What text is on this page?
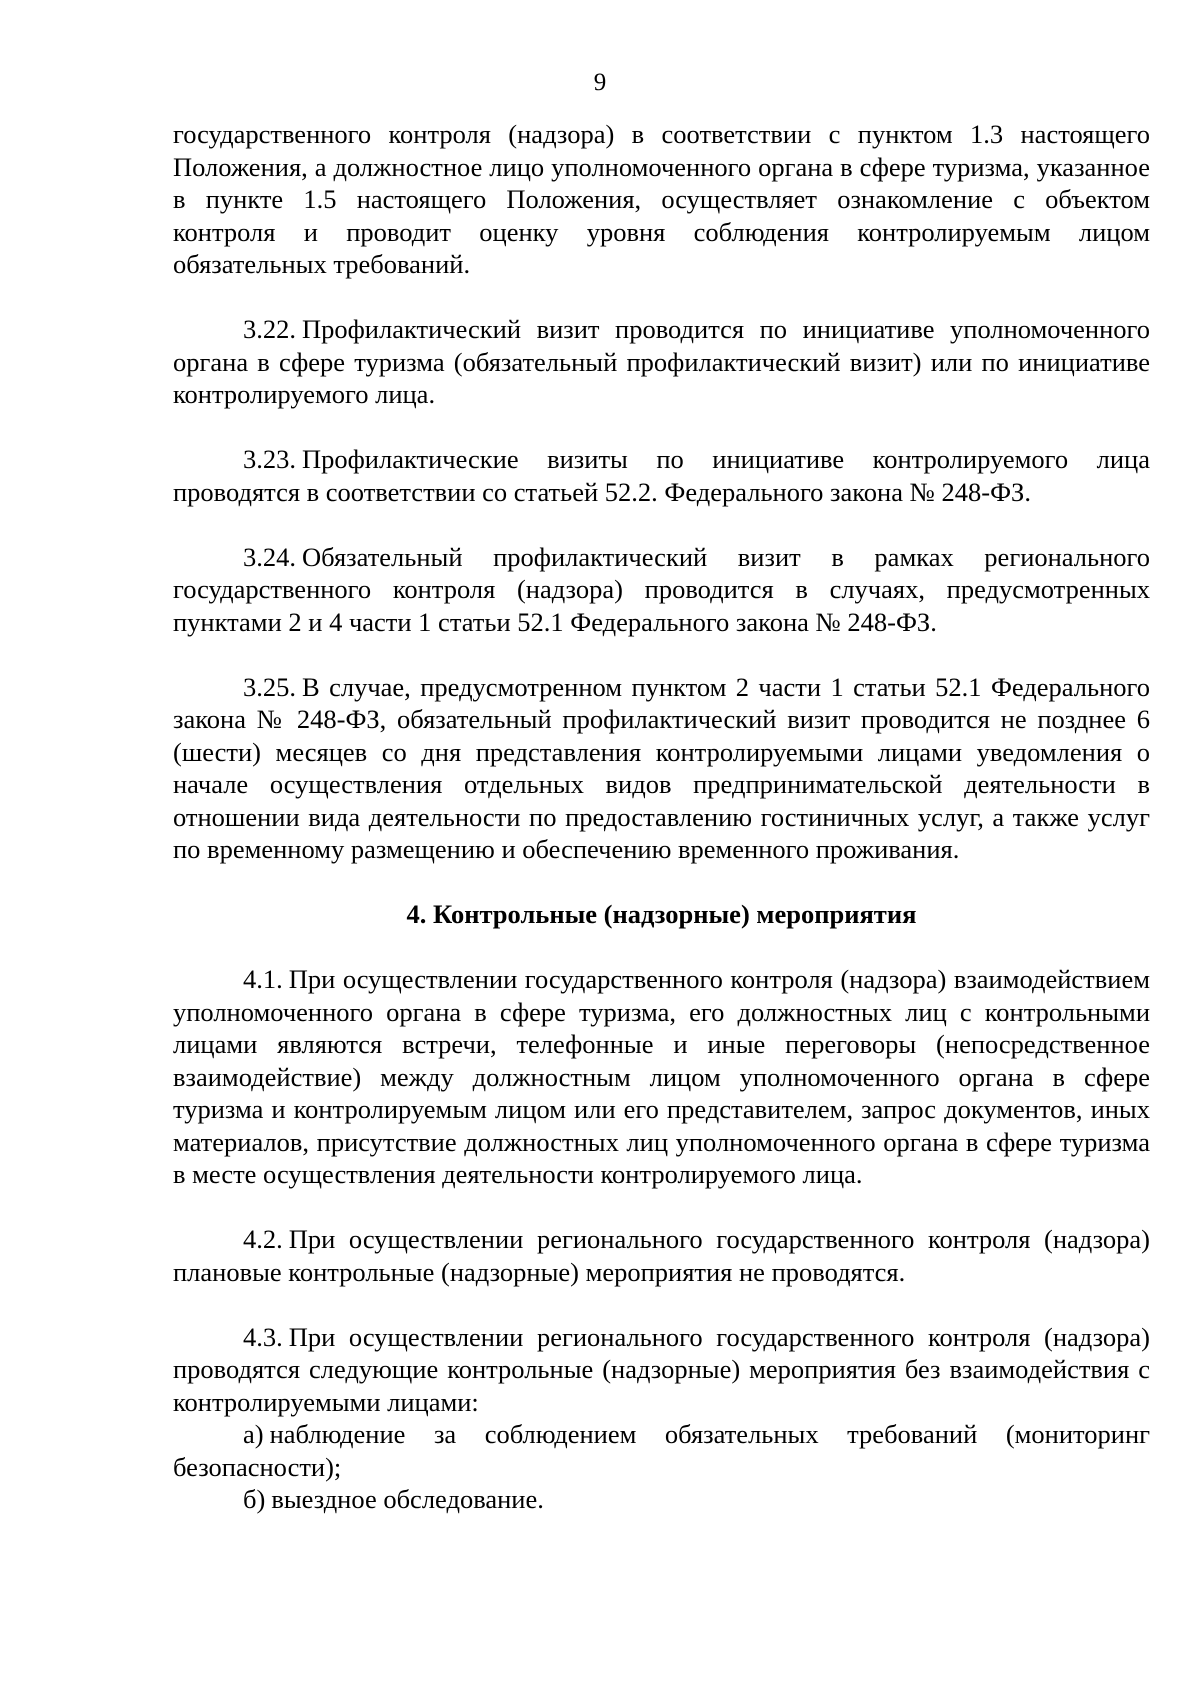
9

государственного контроля (надзора) в соответствии с пунктом 1.3 настоящего Положения, а должностное лицо уполномоченного органа в сфере туризма, указанное в пункте 1.5 настоящего Положения, осуществляет ознакомление с объектом контроля и проводит оценку уровня соблюдения контролируемым лицом обязательных требований.

3.22. Профилактический визит проводится по инициативе уполномоченного органа в сфере туризма (обязательный профилактический визит) или по инициативе контролируемого лица.

3.23. Профилактические визиты по инициативе контролируемого лица проводятся в соответствии со статьей 52.2. Федерального закона № 248-ФЗ.

3.24. Обязательный профилактический визит в рамках регионального государственного контроля (надзора) проводится в случаях, предусмотренных пунктами 2 и 4 части 1 статьи 52.1 Федерального закона № 248-ФЗ.

3.25. В случае, предусмотренном пунктом 2 части 1 статьи 52.1 Федерального закона № 248-ФЗ, обязательный профилактический визит проводится не позднее 6 (шести) месяцев со дня представления контролируемыми лицами уведомления о начале осуществления отдельных видов предпринимательской деятельности в отношении вида деятельности по предоставлению гостиничных услуг, а также услуг по временному размещению и обеспечению временного проживания.

4. Контрольные (надзорные) мероприятия

4.1. При осуществлении государственного контроля (надзора) взаимодействием уполномоченного органа в сфере туризма, его должностных лиц с контрольными лицами являются встречи, телефонные и иные переговоры (непосредственное взаимодействие) между должностным лицом уполномоченного органа в сфере туризма и контролируемым лицом или его представителем, запрос документов, иных материалов, присутствие должностных лиц уполномоченного органа в сфере туризма в месте осуществления деятельности контролируемого лица.

4.2. При осуществлении регионального государственного контроля (надзора) плановые контрольные (надзорные) мероприятия не проводятся.

4.3. При осуществлении регионального государственного контроля (надзора) проводятся следующие контрольные (надзорные) мероприятия без взаимодействия с контролируемыми лицами:

а) наблюдение за соблюдением обязательных требований (мониторинг безопасности);

б) выездное обследование.
